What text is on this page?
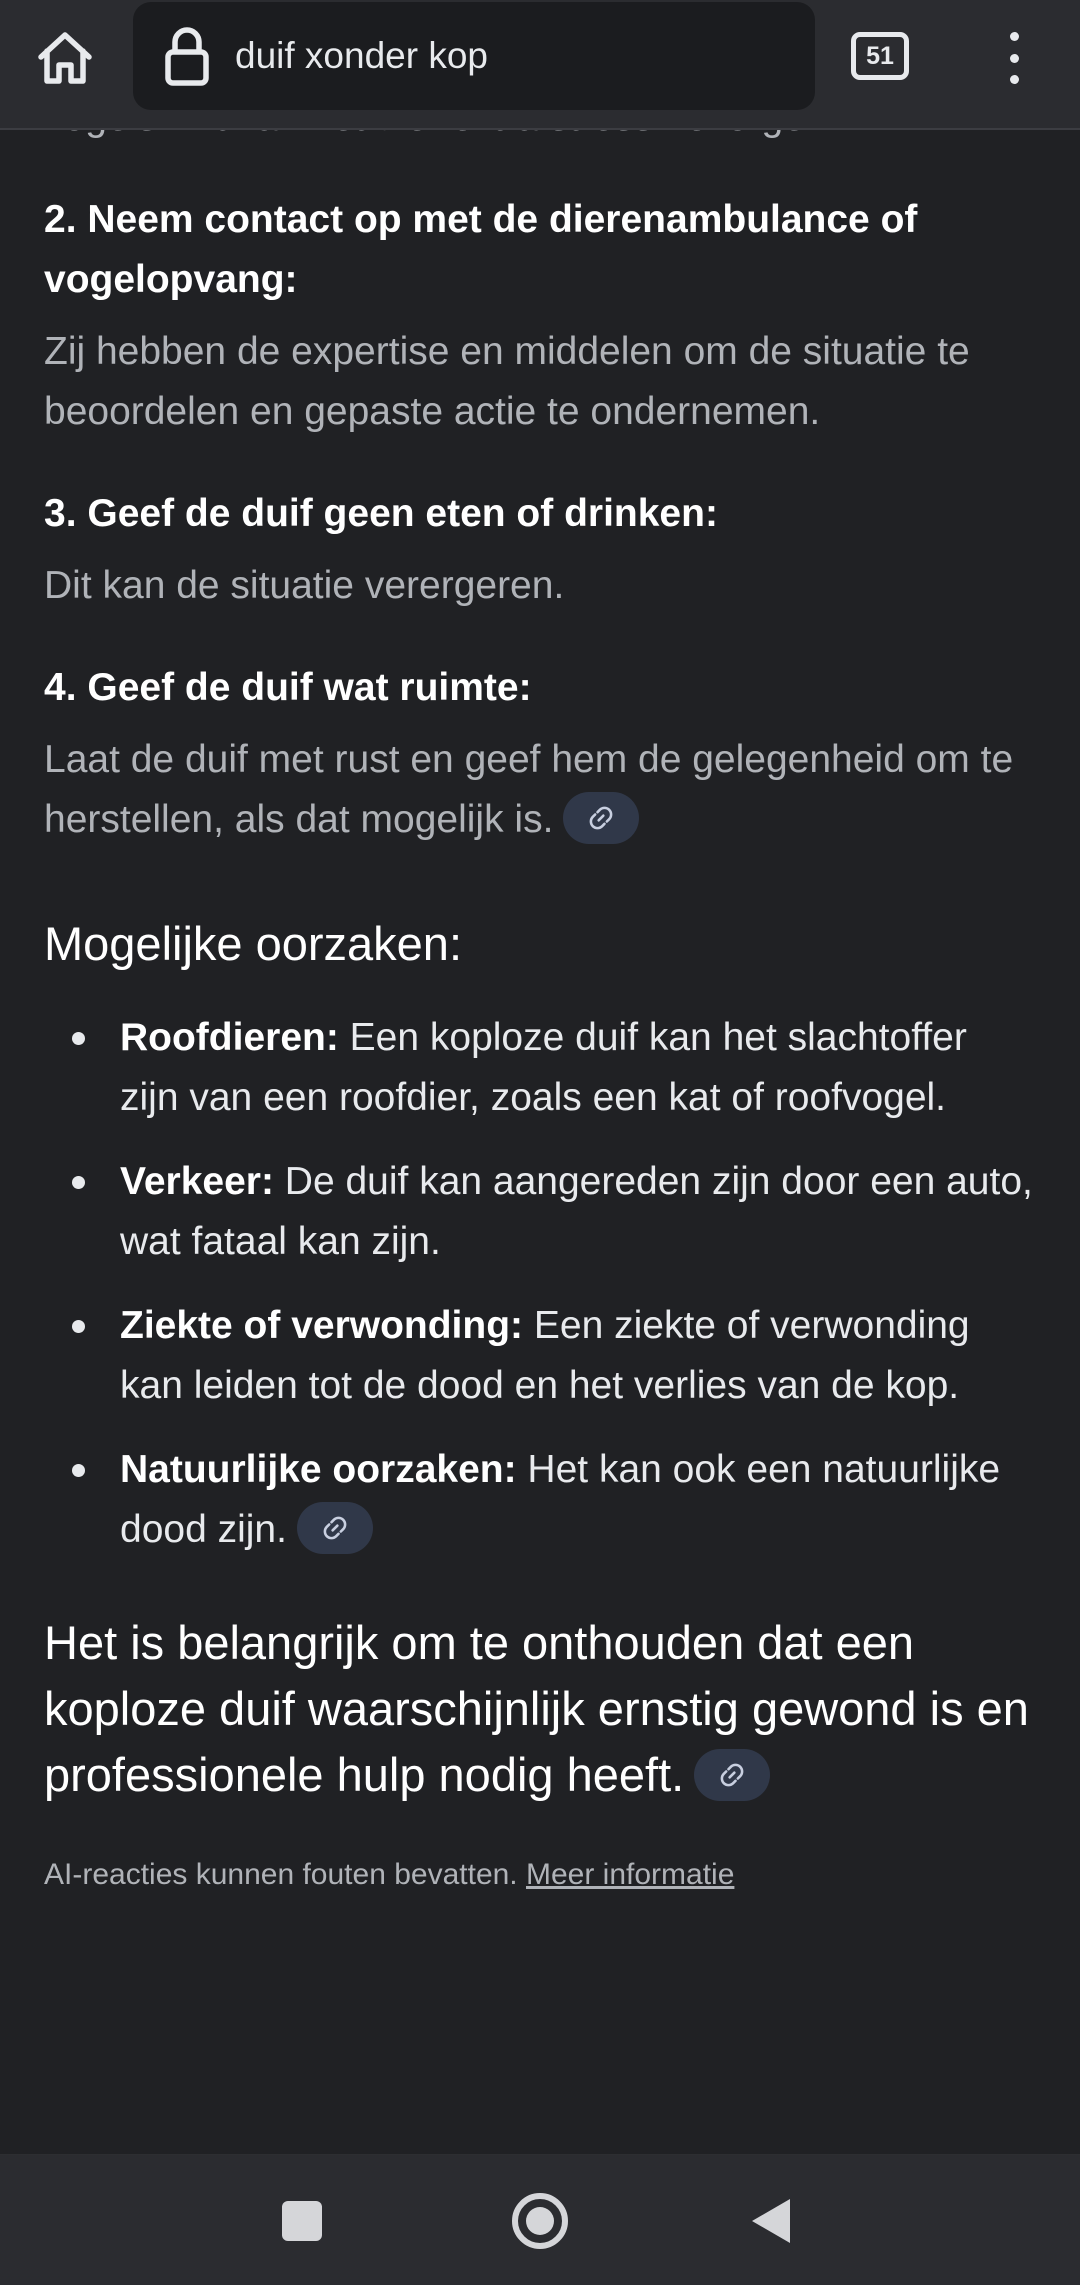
duif xonder kop	51

2. Neem contact op met de dierenambulance of vogelopvang:

Zij hebben de expertise en middelen om de situatie te beoordelen en gepaste actie te ondernemen.

3. Geef de duif geen eten of drinken:

Dit kan de situatie verergeren.

4. Geef de duif wat ruimte:

Laat de duif met rust en geef hem de gelegenheid om te herstellen, als dat mogelijk is.

Mogelijke oorzaken:

Roofdieren: Een koploze duif kan het slachtoffer zijn van een roofdier, zoals een kat of roofvogel.
Verkeer: De duif kan aangereden zijn door een auto, wat fataal kan zijn.
Ziekte of verwonding: Een ziekte of verwonding kan leiden tot de dood en het verlies van de kop.
Natuurlijke oorzaken: Het kan ook een natuurlijke dood zijn.

Het is belangrijk om te onthouden dat een koploze duif waarschijnlijk ernstig gewond is en professionele hulp nodig heeft.

AI-reacties kunnen fouten bevatten. Meer informatie
